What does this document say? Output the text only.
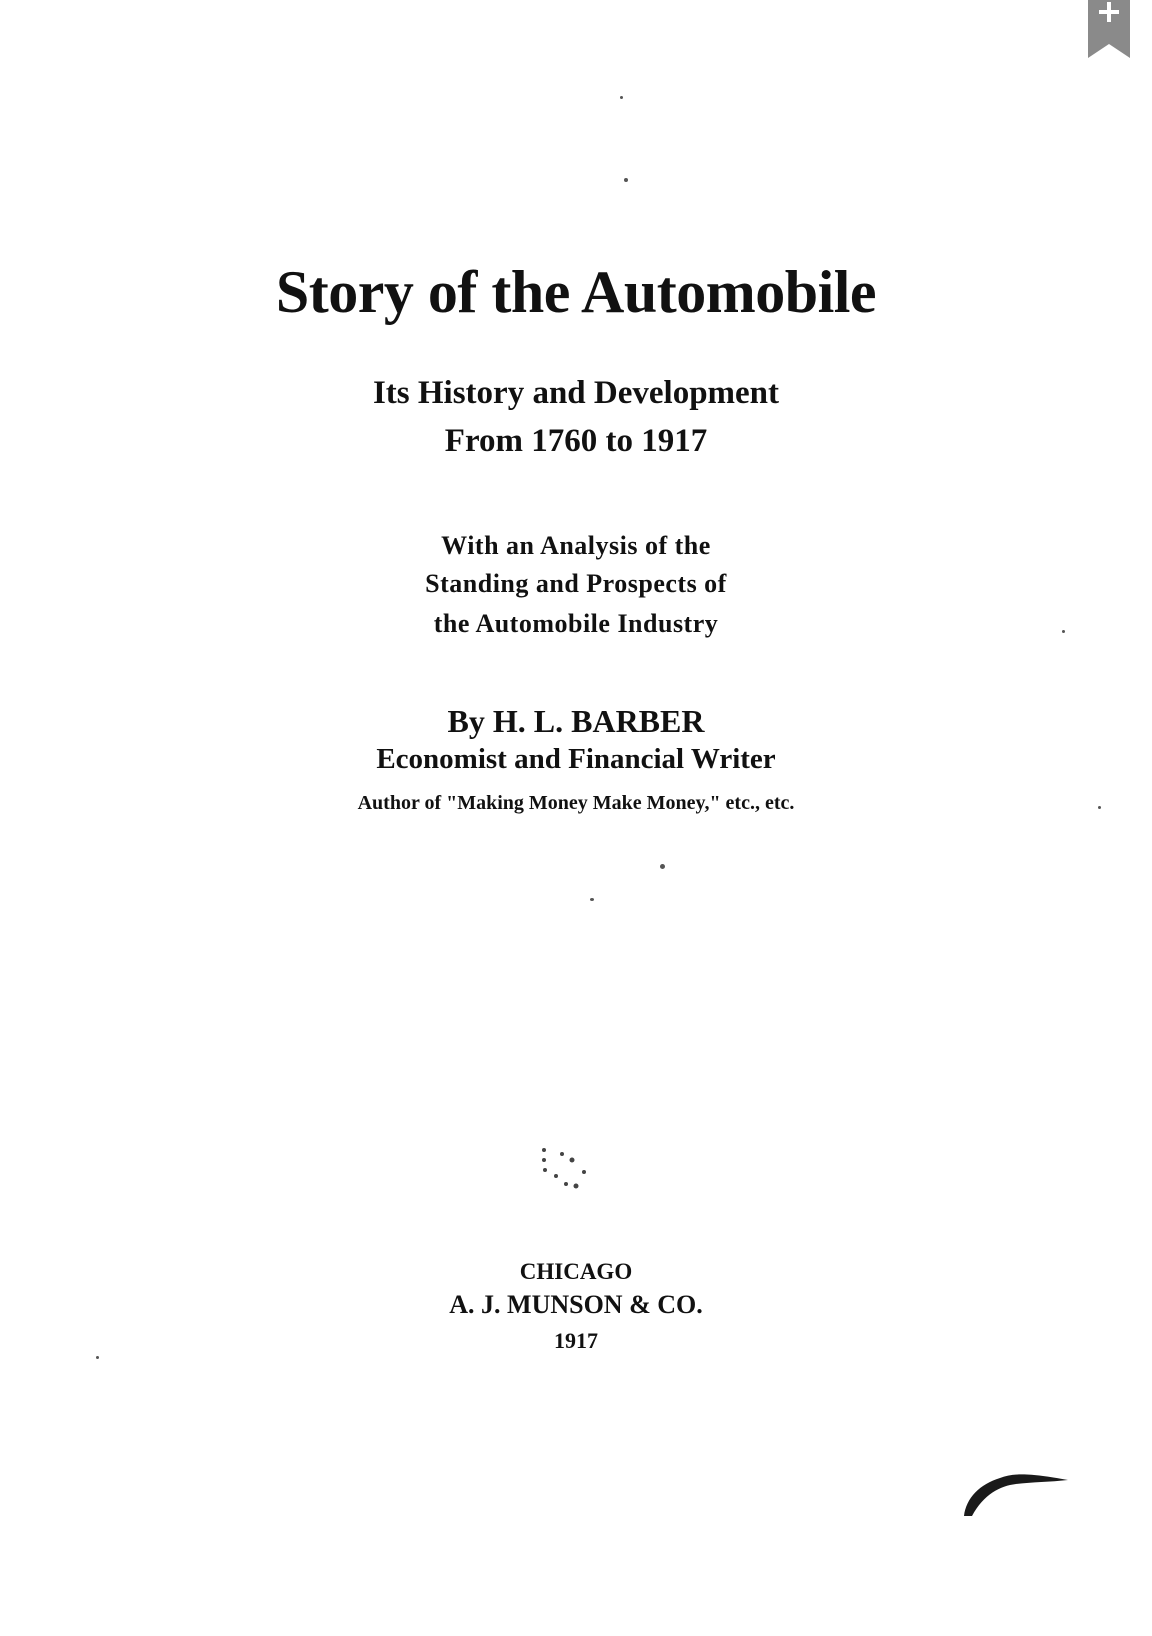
Story of the Automobile
Its History and Development
From 1760 to 1917
With an Analysis of the
Standing and Prospects of
the Automobile Industry
By H. L. BARBER
Economist and Financial Writer
Author of "Making Money Make Money," etc., etc.
CHICAGO
A. J. MUNSON & CO.
1917
